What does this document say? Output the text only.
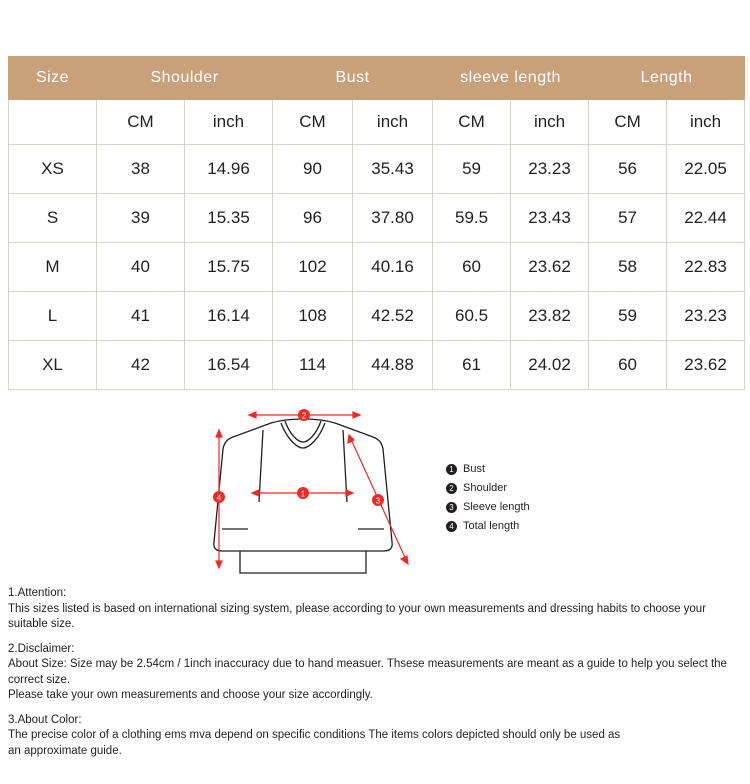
Size	Shoulder		Bust		sleeve length		Length	
	CM	inch	CM	inch	CM	inch	CM	inch
XS	38	14.96	90	35.43	59	23.23	56	22.05
S	39	15.35	96	37.80	59.5	23.43	57	22.44
M	40	15.75	102	40.16	60	23.62	58	22.83
L	41	16.14	108	42.52	60.5	23.82	59	23.23
XL	42	16.54	114	44.88	61	24.02	60	23.62
2
1
4	3
1 Bust
2 Shoulder
3 Sleeve length
4 Total length

1.Attention:

This sizes listed is based on international sizing system, please according to your own measurements and dressing habits to choose your suitable size.

2.Disclaimer:

About Size: Size may be 2.54cm / 1inch inaccuracy due to hand measuer. Thsese measurements are meant as a guide to help you select the correct size.

Please take your own measurements and choose your size accordingly.

3.About Color:

The precise color of a clothing ems mva depend on specific conditions The items colors depicted should only be used as

an approximate guide.
